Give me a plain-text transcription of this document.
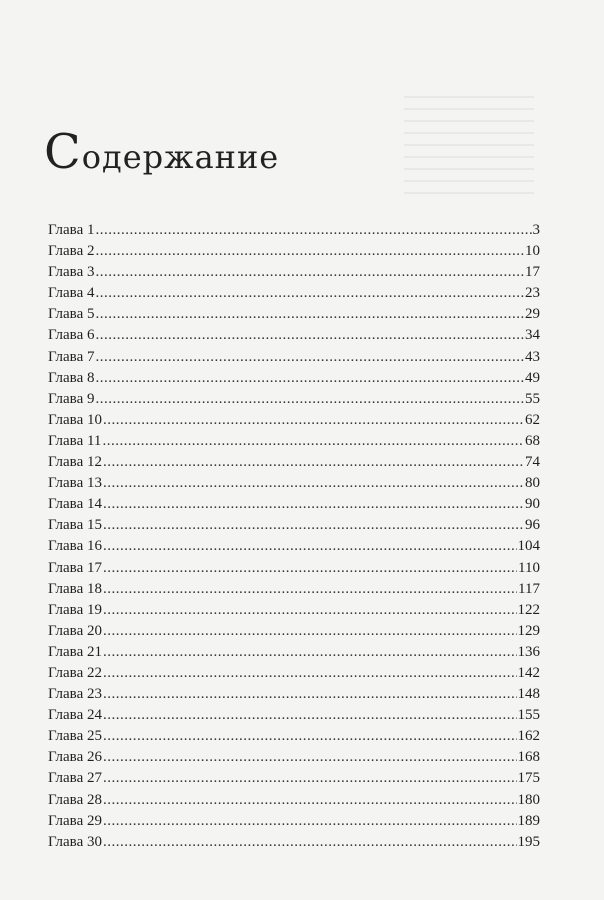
Содержание
Глава 1 .....	3
Глава 2 .....	10
Глава 3 .....	17
Глава 4 .....	23
Глава 5 .....	29
Глава 6 .....	34
Глава 7 .....	43
Глава 8 .....	49
Глава 9 .....	55
Глава 10 .....	62
Глава 11 .....	68
Глава 12 .....	74
Глава 13 .....	80
Глава 14 .....	90
Глава 15 .....	96
Глава 16 .....	104
Глава 17 .....	110
Глава 18 .....	117
Глава 19 .....	122
Глава 20 .....	129
Глава 21 .....	136
Глава 22 .....	142
Глава 23 .....	148
Глава 24 .....	155
Глава 25 .....	162
Глава 26 .....	168
Глава 27 .....	175
Глава 28 .....	180
Глава 29 .....	189
Глава 30 .....	195
